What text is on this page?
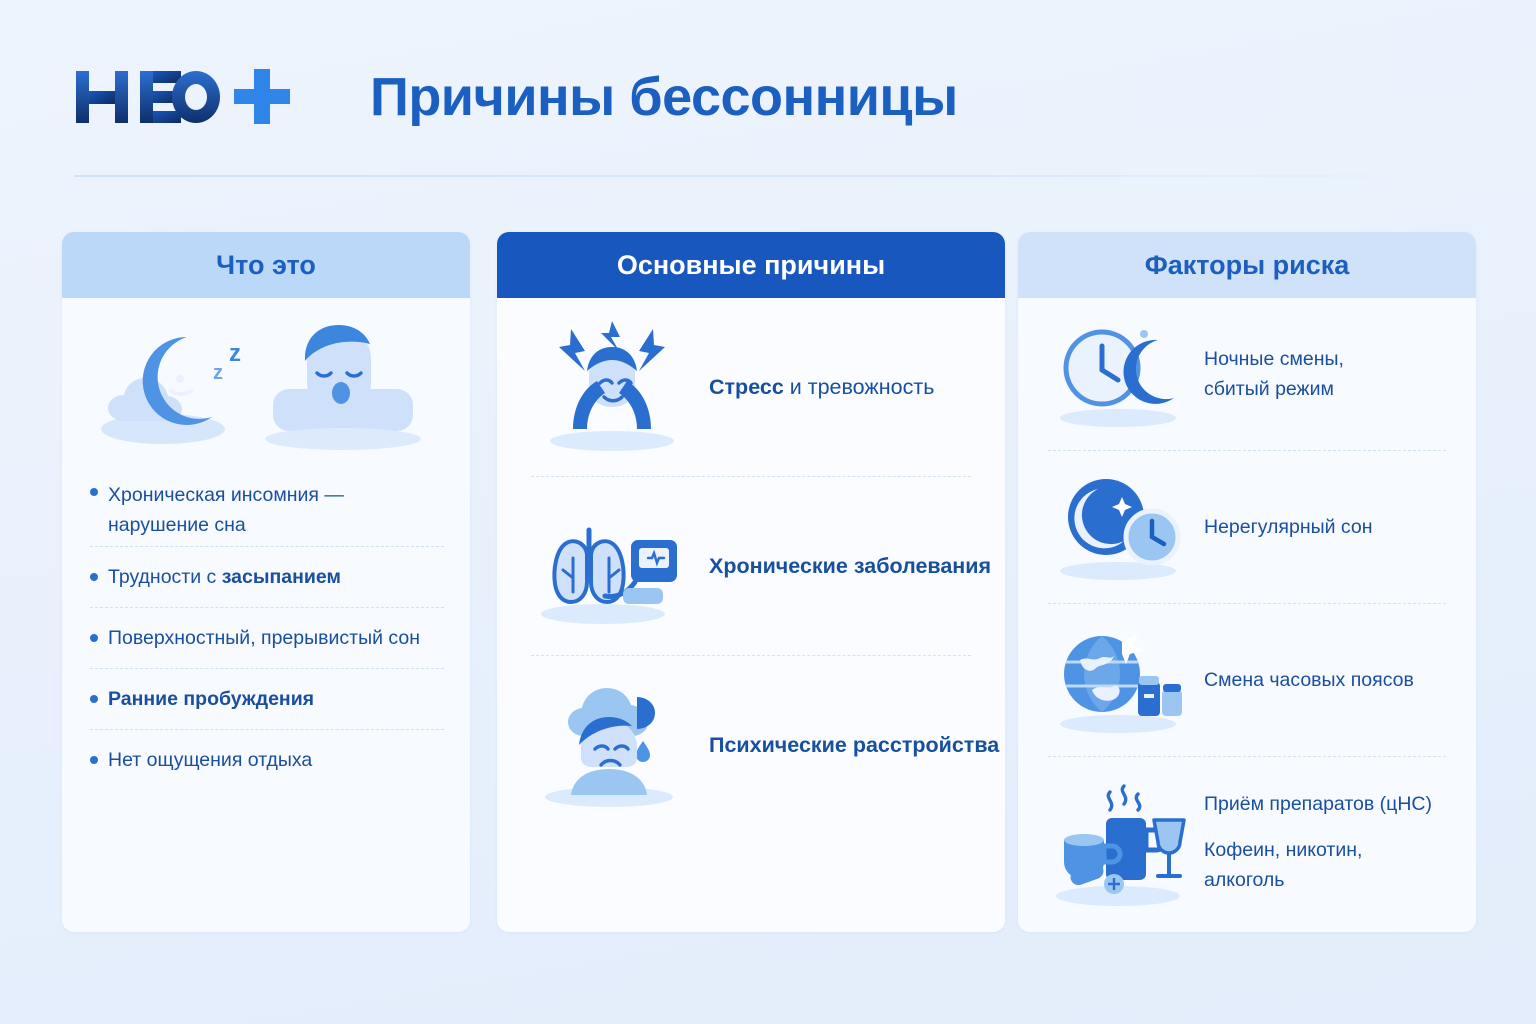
Причины бессонницы
Что это
z
z
Хроническая инсомния — нарушение сна
Трудности с засыпанием
Поверхностный, прерывистый сон
Ранние пробуждения
Нет ощущения отдыха
Основные причины
Стресс и тревожность
Хронические заболевания
Психические расстройства
Факторы риска
Ночные смены,
сбитый режим
Нерегулярный сон
Смена часовых поясов
Приём препаратов (цНС)
Кофеин, никотин,
алкоголь
